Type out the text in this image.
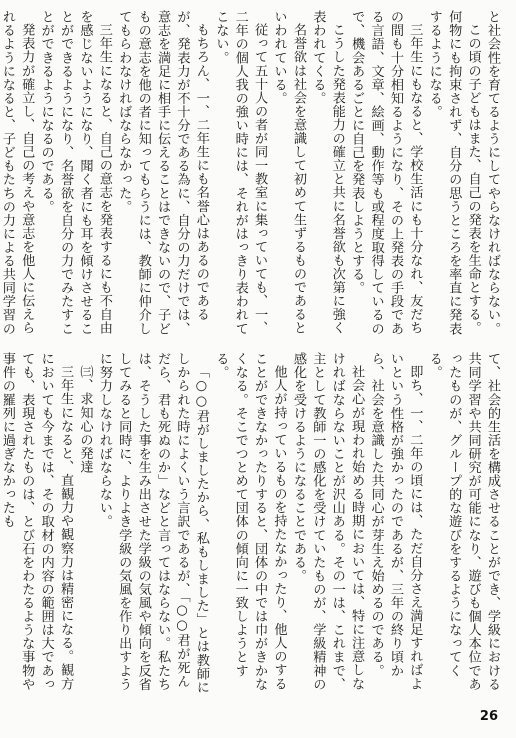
と社会性を育てるようにしてやらなければならない。

この頃の子どもはまた、自己の発表を生命とする。何物にも拘束されず、自分の思うところを率直に発表するようになる。

三年生にもなると、学校生活にも十分なれ、友だちの間も十分相知るようになり、その上発表の手段である言語、文章、絵画、動作等も或程度取得しているので、機会あるごとに自己を発表しようとする。

こうした発表能力の確立と共に名誉欲も次第に強く表われてくる。

名誉欲は社会を意識して初めて生ずるものであるといわれている。

従って五十人の者が同一教室に集っていても、一、二年の個人我の強い時には、それがはっきり表われてこない。

もちろん、一、二年生にも名誉心はあるのであるが、発表力が不十分である為に、自分の力だけでは、意志を満足に相手に伝えることはできないので、子どもの意志を他の者に知ってもらうには、教師に仲介してもらわなければならなかった。

三年生になると、自己の意志を発表するにも不自由を感じないようになり、聞く者にも耳を傾けさせることができるようになり、名誉欲を自分の力でみたすことができるようになるのである。

発表力が確立し、自己の考えや意志を他人に伝えられるようになると、子どもたちの力による共同学習の

て、社会的生活を構成させることができ、学級における共同学習や共同研究が可能になり、遊びも個人本位であったものが、グループ的な遊びをするようになってくる。

即ち、一、二年の頃には、ただ自分さえ満足すればよいという性格が強かったのであるが、三年の終り頃から、社会を意識した共同心が芽生え始めるのである。

社会心が現われ始める時期においては、特に注意しなければならないことが沢山ある。その一は、これまで、主として教師一の感化を受けていたものが、学級精神の感化を受けるようになることである。

他人が持っているものを持たなかったり、他人のすることができなかったりすると、団体の中では巾がきかなくなる。そこでつとめて団体の傾向に一致しようとする。

「○○君がしましたから、私もしました」とは教師にしかられた時によくいう言訳であるが、「○○君が死んだら、君も死ぬのか」などと言ってはならない。私たちは、そうした事を生み出させた学級の気風や傾向を反省してみると同時に、よりよき学級の気風を作り出すように努力しなければならない。

㈢、求知心の発達

三年生になると、直観力や観察力は精密になる。観方においても今までは、その取材の内容の範囲は大であっても、表現されたものは、とび石をわたるような事物や事件の羅列に過ぎなかったも

26
